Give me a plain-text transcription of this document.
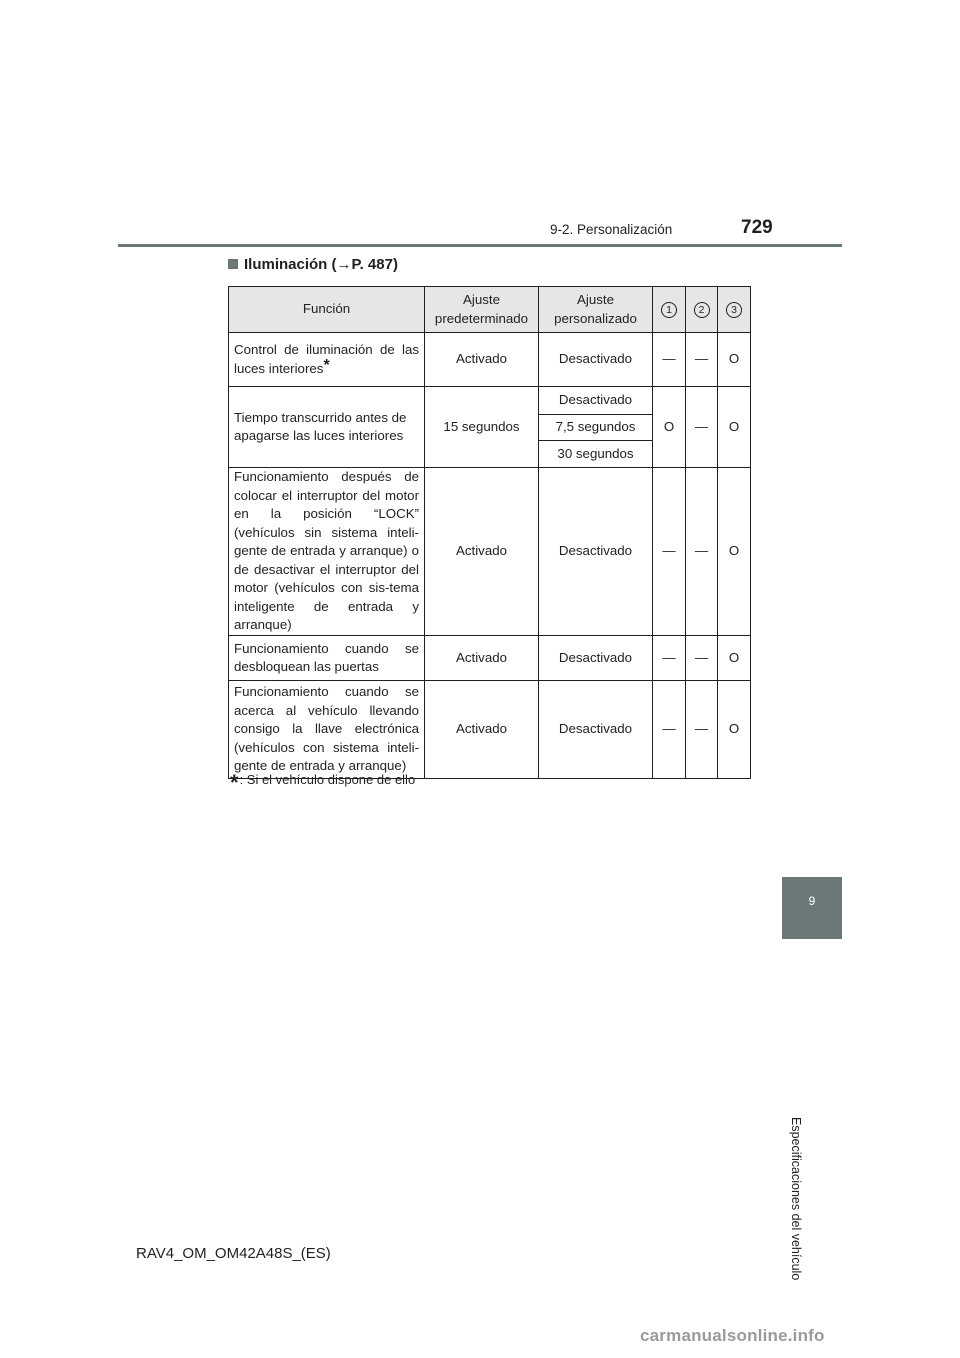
9-2. Personalización	729
Iluminación (→P. 487)
Función	Ajuste predeterminado	Ajuste personalizado	1	2	3
Control de iluminación de las luces interiores*	Activado	Desactivado	—	—	O
Tiempo transcurrido antes de apagarse las luces interiores	15 segundos	Desactivado	O	—	O
		7,5 segundos			
		30 segundos			
Funcionamiento después de colocar el interruptor del motor en la posición “LOCK” (vehículos sin sistema inteli-gente de entrada y arranque) o de desactivar el interruptor del motor (vehículos con sis-tema inteligente de entrada y arranque)	Activado	Desactivado	—	—	O
Funcionamiento cuando se desbloquean las puertas	Activado	Desactivado	—	—	O
Funcionamiento cuando se acerca al vehículo llevando consigo la llave electrónica (vehículos con sistema inteli-gente de entrada y arranque)	Activado	Desactivado	—	—	O
*: Si el vehículo dispone de ello
9
Especificaciones del vehículo
RAV4_OM_OM42A48S_(ES)
carmanualsonline.info
